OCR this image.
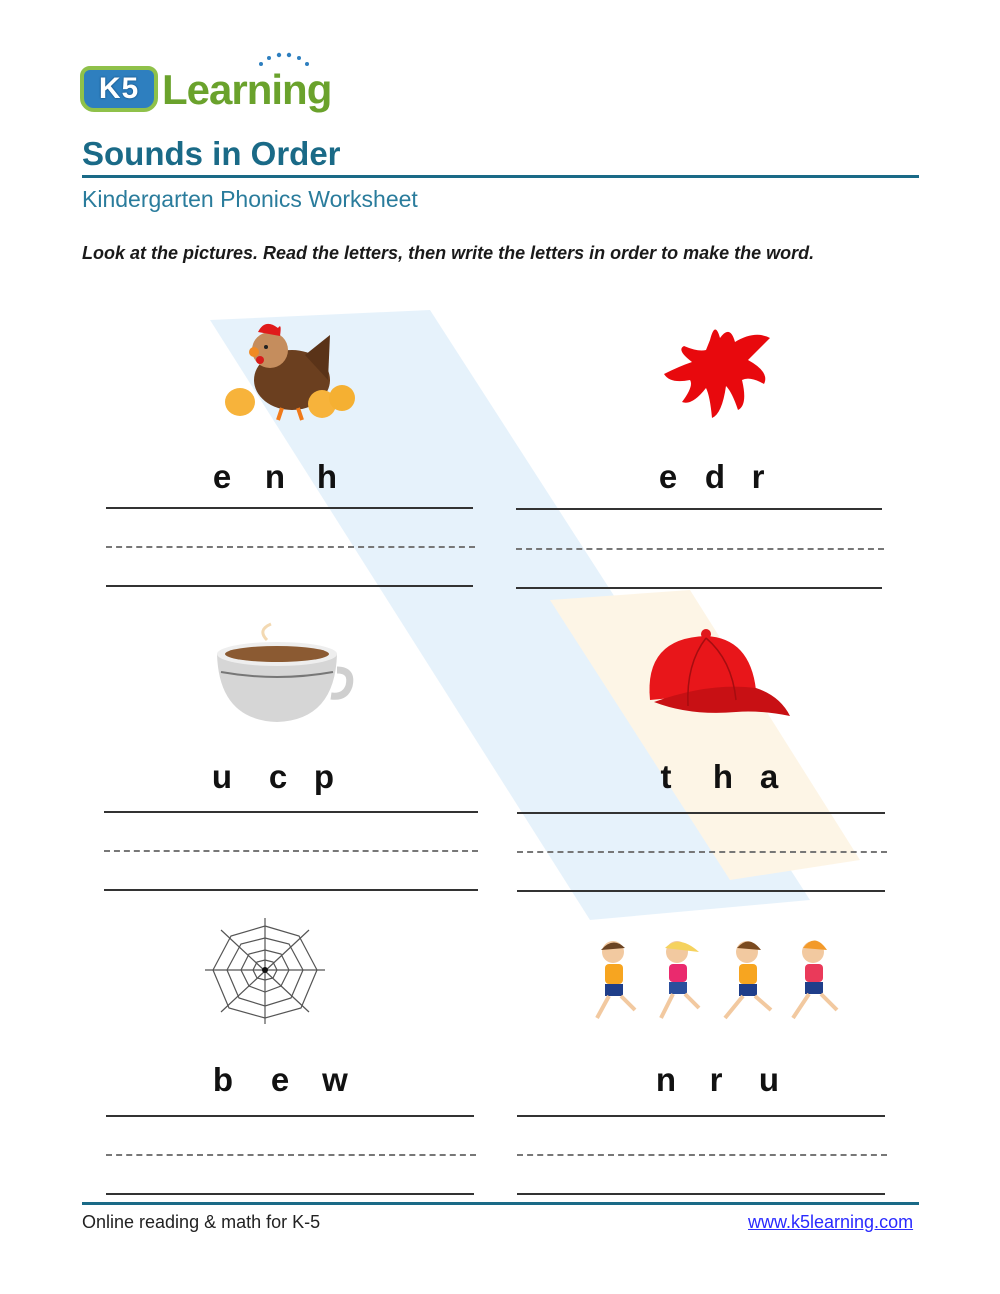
K5 Learning
Sounds in Order
Kindergarten Phonics Worksheet
Look at the pictures. Read the letters, then write the letters in order to make the word.
e n h	e d r
u c p	t h a
b e w	n r u
Online reading & math for K-5	www.k5learning.com
